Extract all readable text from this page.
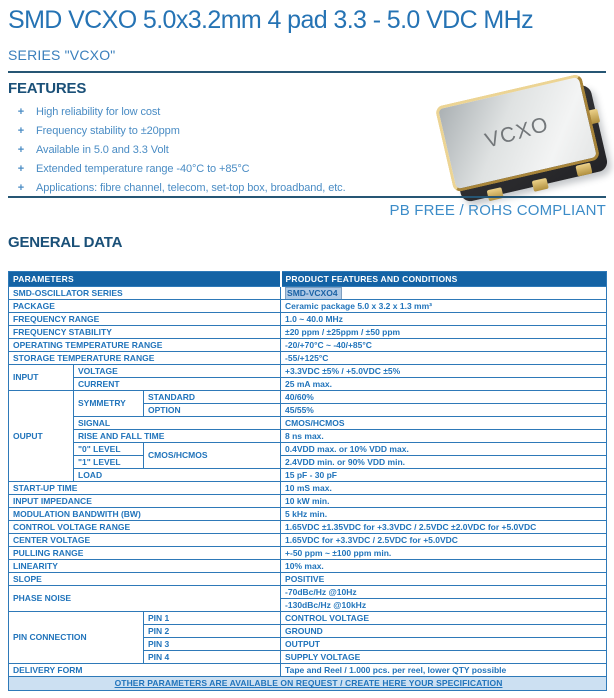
SMD VCXO 5.0x3.2mm 4 pad 3.3 - 5.0 VDC MHz
SERIES "VCXO"
FEATURES
+	High reliability for low cost
+	Frequency stability to ±20ppm
+	Available in 5.0 and 3.3 Volt
+	Extended temperature range -40°C to +85°C
+	Applications: fibre channel, telecom, set-top box, broadband, etc.
VCXO
PB FREE / ROHS COMPLIANT
GENERAL DATA
PARAMETERS			PRODUCT FEATURES AND CONDITIONS
SMD-OSCILLATOR SERIES			SMD-VCXO4
PACKAGE			Ceramic package 5.0 x 3.2 x 1.3 mm³
FREQUENCY RANGE			1.0 ~ 40.0 MHz
FREQUENCY STABILITY			±20 ppm / ±25ppm / ±50 ppm
OPERATING TEMPERATURE RANGE			-20/+70°C ~ -40/+85°C
STORAGE TEMPERATURE RANGE			-55/+125°C
INPUT	VOLTAGE		+3.3VDC ±5% / +5.0VDC ±5%
	CURRENT		25 mA max.
OUPUT	SYMMETRY	STANDARD	40/60%
		OPTION	45/55%
	SIGNAL		CMOS/HCMOS
	RISE AND FALL TIME		8 ns max.
	"0" LEVEL	CMOS/HCMOS	0.4VDD max. or 10% VDD max.
	"1" LEVEL		2.4VDD min. or 90% VDD min.
	LOAD		15 pF - 30 pF
START-UP TIME			10 mS max.
INPUT IMPEDANCE			10 kW min.
MODULATION BANDWITH (BW)			5 kHz min.
CONTROL VOLTAGE RANGE			1.65VDC ±1.35VDC for +3.3VDC / 2.5VDC ±2.0VDC for +5.0VDC
CENTER VOLTAGE			1.65VDC for +3.3VDC / 2.5VDC for +5.0VDC
PULLING RANGE			+-50 ppm ~ ±100 ppm min.
LINEARITY			10% max.
SLOPE			POSITIVE
PHASE NOISE			-70dBc/Hz @10Hz
			-130dBc/Hz @10kHz
PIN CONNECTION		PIN 1	CONTROL VOLTAGE
		PIN 2	GROUND
		PIN 3	OUTPUT
		PIN 4	SUPPLY VOLTAGE
DELIVERY FORM			Tape and Reel / 1.000 pcs. per reel, lower QTY possible
OTHER PARAMETERS ARE AVAILABLE ON REQUEST / CREATE HERE YOUR SPECIFICATION			
